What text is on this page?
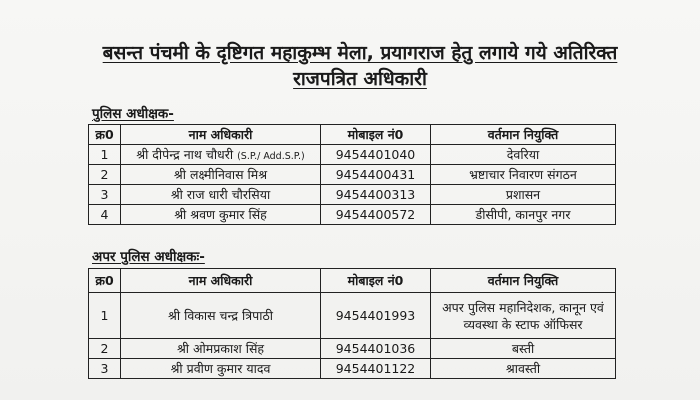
बसन्त पंचमी के दृष्टिगत महाकुम्भ मेला, प्रयागराज हेतु लगाये गये अतिरिक्त
राजपत्रित अधिकारी
पुलिस अधीक्षक-
क्र0	नाम अधिकारी	मोबाइल नं0	वर्तमान नियुक्ति
1	श्री दीपेन्द्र नाथ चौधरी (S.P./ Add.S.P.)	9454401040	देवरिया
2	श्री लक्ष्मीनिवास मिश्र	9454400431	भ्रष्टाचार निवारण संगठन
3	श्री राज धारी चौरसिया	9454400313	प्रशासन
4	श्री श्रवण कुमार सिंह	9454400572	डीसीपी, कानपुर नगर
अपर पुलिस अधीक्षकः-
क्र0	नाम अधिकारी	मोबाइल नं0	वर्तमान नियुक्ति
1	श्री विकास चन्द्र त्रिपाठी	9454401993	अपर पुलिस महानिदेशक, कानून एवं व्यवस्था के स्टाफ ऑफिसर
2	श्री ओमप्रकाश सिंह	9454401036	बस्ती
3	श्री प्रवीण कुमार यादव	9454401122	श्रावस्ती
